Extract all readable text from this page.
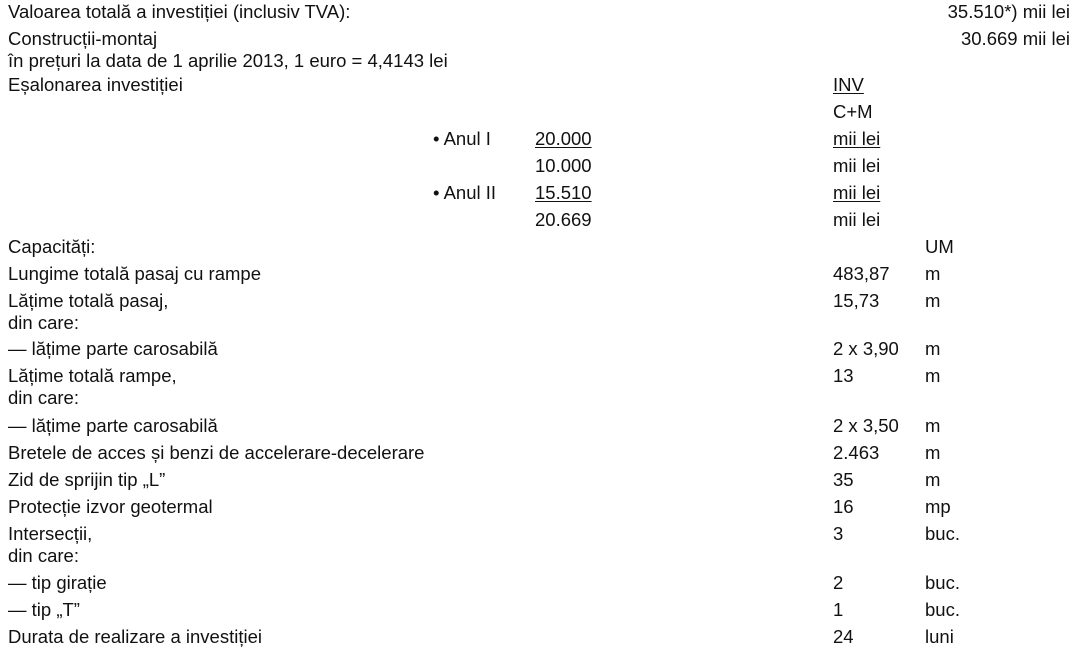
Valoarea totală a investiției (inclusiv TVA):	35.510*) mii lei
Construcții-montaj	30.669 mii lei
în prețuri la data de 1 aprilie 2013, 1 euro = 4,4143 lei
Eșalonarea investiției	INV
C+M
• Anul I 20.000	mii lei
10.000	mii lei
• Anul II 15.510	mii lei
20.669	mii lei
Capacități:	UM
Lungime totală pasaj cu rampe	483,87 m
Lățime totală pasaj,	15,73 m
din care:
— lățime parte carosabilă	2 x 3,90 m
Lățime totală rampe,	13	m
din care:
— lățime parte carosabilă	2 x 3,50 m
Bretele de acces și benzi de accelerare-decelerare	2.463 m
Zid de sprijin tip „L”	35	m
Protecție izvor geotermal	16	mp
Intersecții,	3	buc.
din care:
— tip girație	2	buc.
— tip „T”	1	buc.
Durata de realizare a investiției	24	luni
